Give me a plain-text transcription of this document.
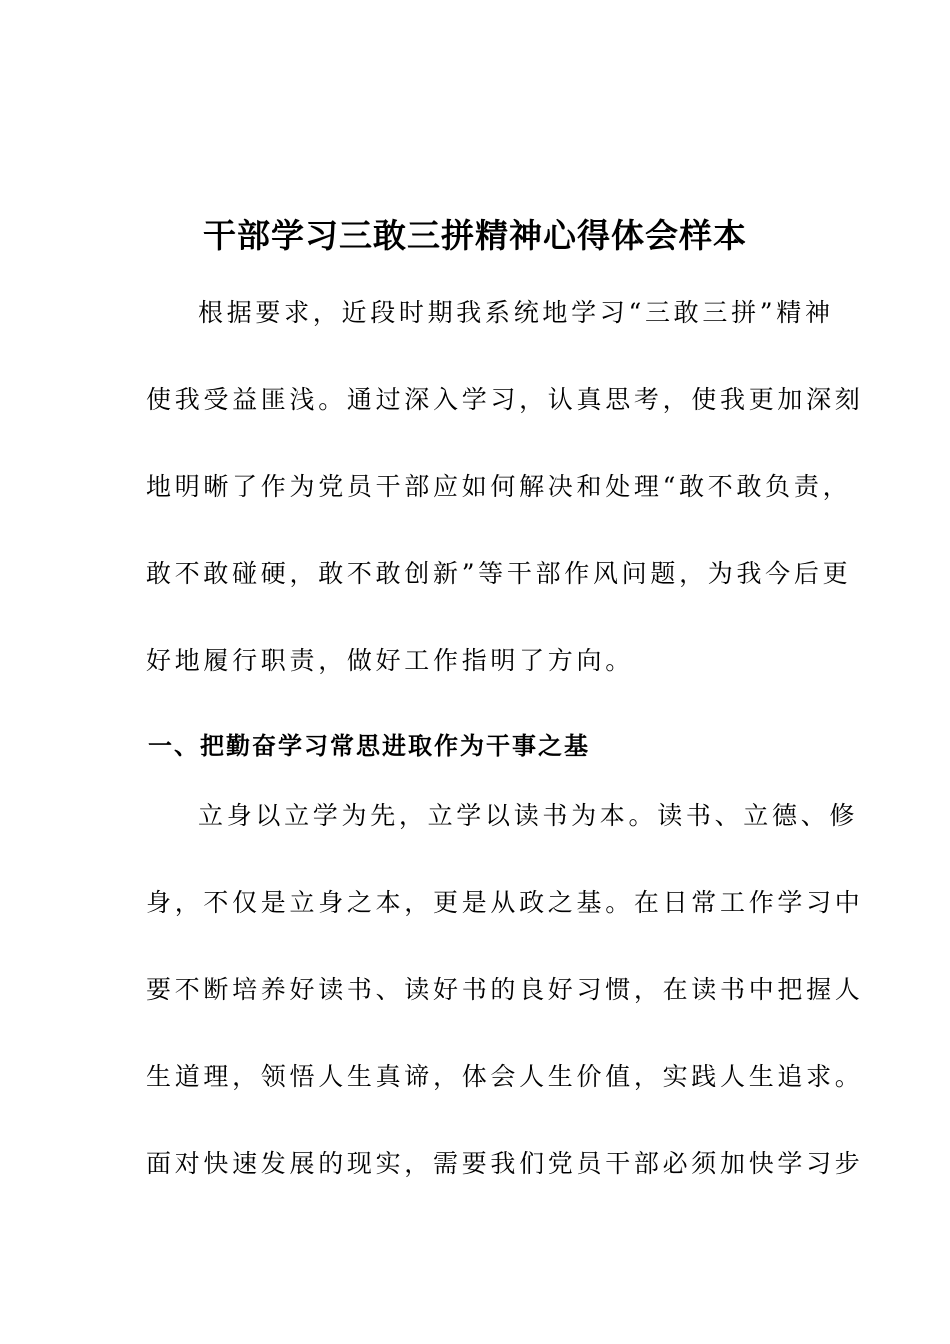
干部学习三敢三拼精神心得体会样本
根据要求，近段时期我系统地学习“三敢三拼”精神
使我受益匪浅。通过深入学习，认真思考，使我更加深刻
地明晰了作为党员干部应如何解决和处理“敢不敢负责，
敢不敢碰硬，敢不敢创新”等干部作风问题，为我今后更
好地履行职责，做好工作指明了方向。
一、把勤奋学习常思进取作为干事之基
立身以立学为先，立学以读书为本。读书、立德、修
身，不仅是立身之本，更是从政之基。在日常工作学习中
要不断培养好读书、读好书的良好习惯，在读书中把握人
生道理，领悟人生真谛，体会人生价值，实践人生追求。
面对快速发展的现实，需要我们党员干部必须加快学习步
